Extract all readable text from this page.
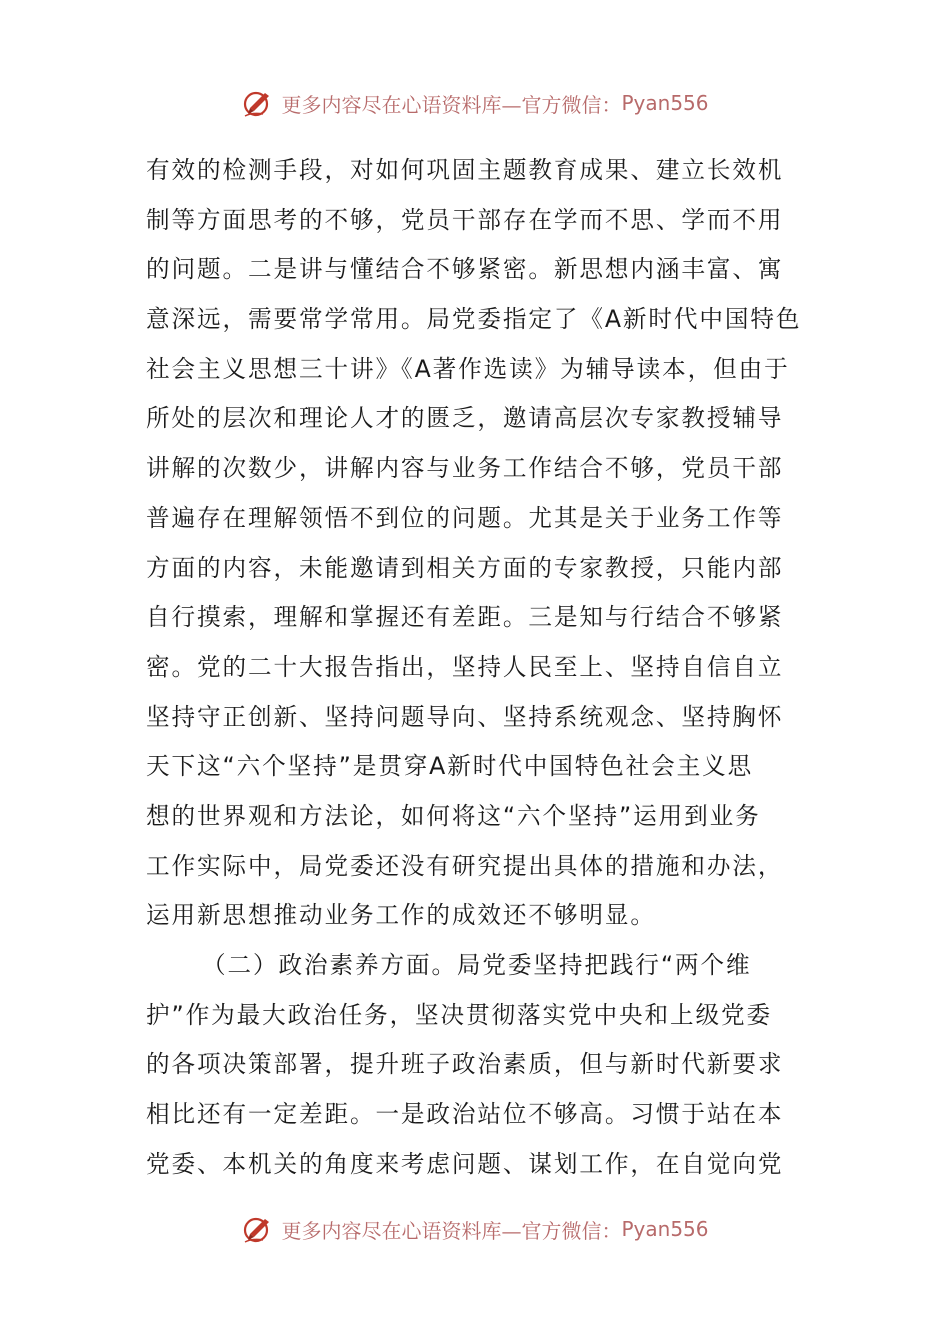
更多内容尽在心语资料库—官方微信： Pyan556
有效的检测手段，对如何巩固主题教育成果、建立长效机
制等方面思考的不够，党员干部存在学而不思、学而不用
的问题。二是讲与懂结合不够紧密。新思想内涵丰富、寓
意深远，需要常学常用。局党委指定了《A新时代中国特色
社会主义思想三十讲》《A著作选读》为辅导读本，但由于
所处的层次和理论人才的匮乏，邀请高层次专家教授辅导
讲解的次数少，讲解内容与业务工作结合不够，党员干部
普遍存在理解领悟不到位的问题。尤其是关于业务工作等
方面的内容，未能邀请到相关方面的专家教授，只能内部
自行摸索，理解和掌握还有差距。三是知与行结合不够紧
密。党的二十大报告指出，坚持人民至上、坚持自信自立
坚持守正创新、坚持问题导向、坚持系统观念、坚持胸怀
天下这“六个坚持”是贯穿A新时代中国特色社会主义思
想的世界观和方法论，如何将这“六个坚持”运用到业务
工作实际中，局党委还没有研究提出具体的措施和办法，
运用新思想推动业务工作的成效还不够明显。
（二）政治素养方面。局党委坚持把践行“两个维
护”作为最大政治任务，坚决贯彻落实党中央和上级党委
的各项决策部署，提升班子政治素质，但与新时代新要求
相比还有一定差距。一是政治站位不够高。习惯于站在本
党委、本机关的角度来考虑问题、谋划工作，在自觉向党
更多内容尽在心语资料库—官方微信： Pyan556
